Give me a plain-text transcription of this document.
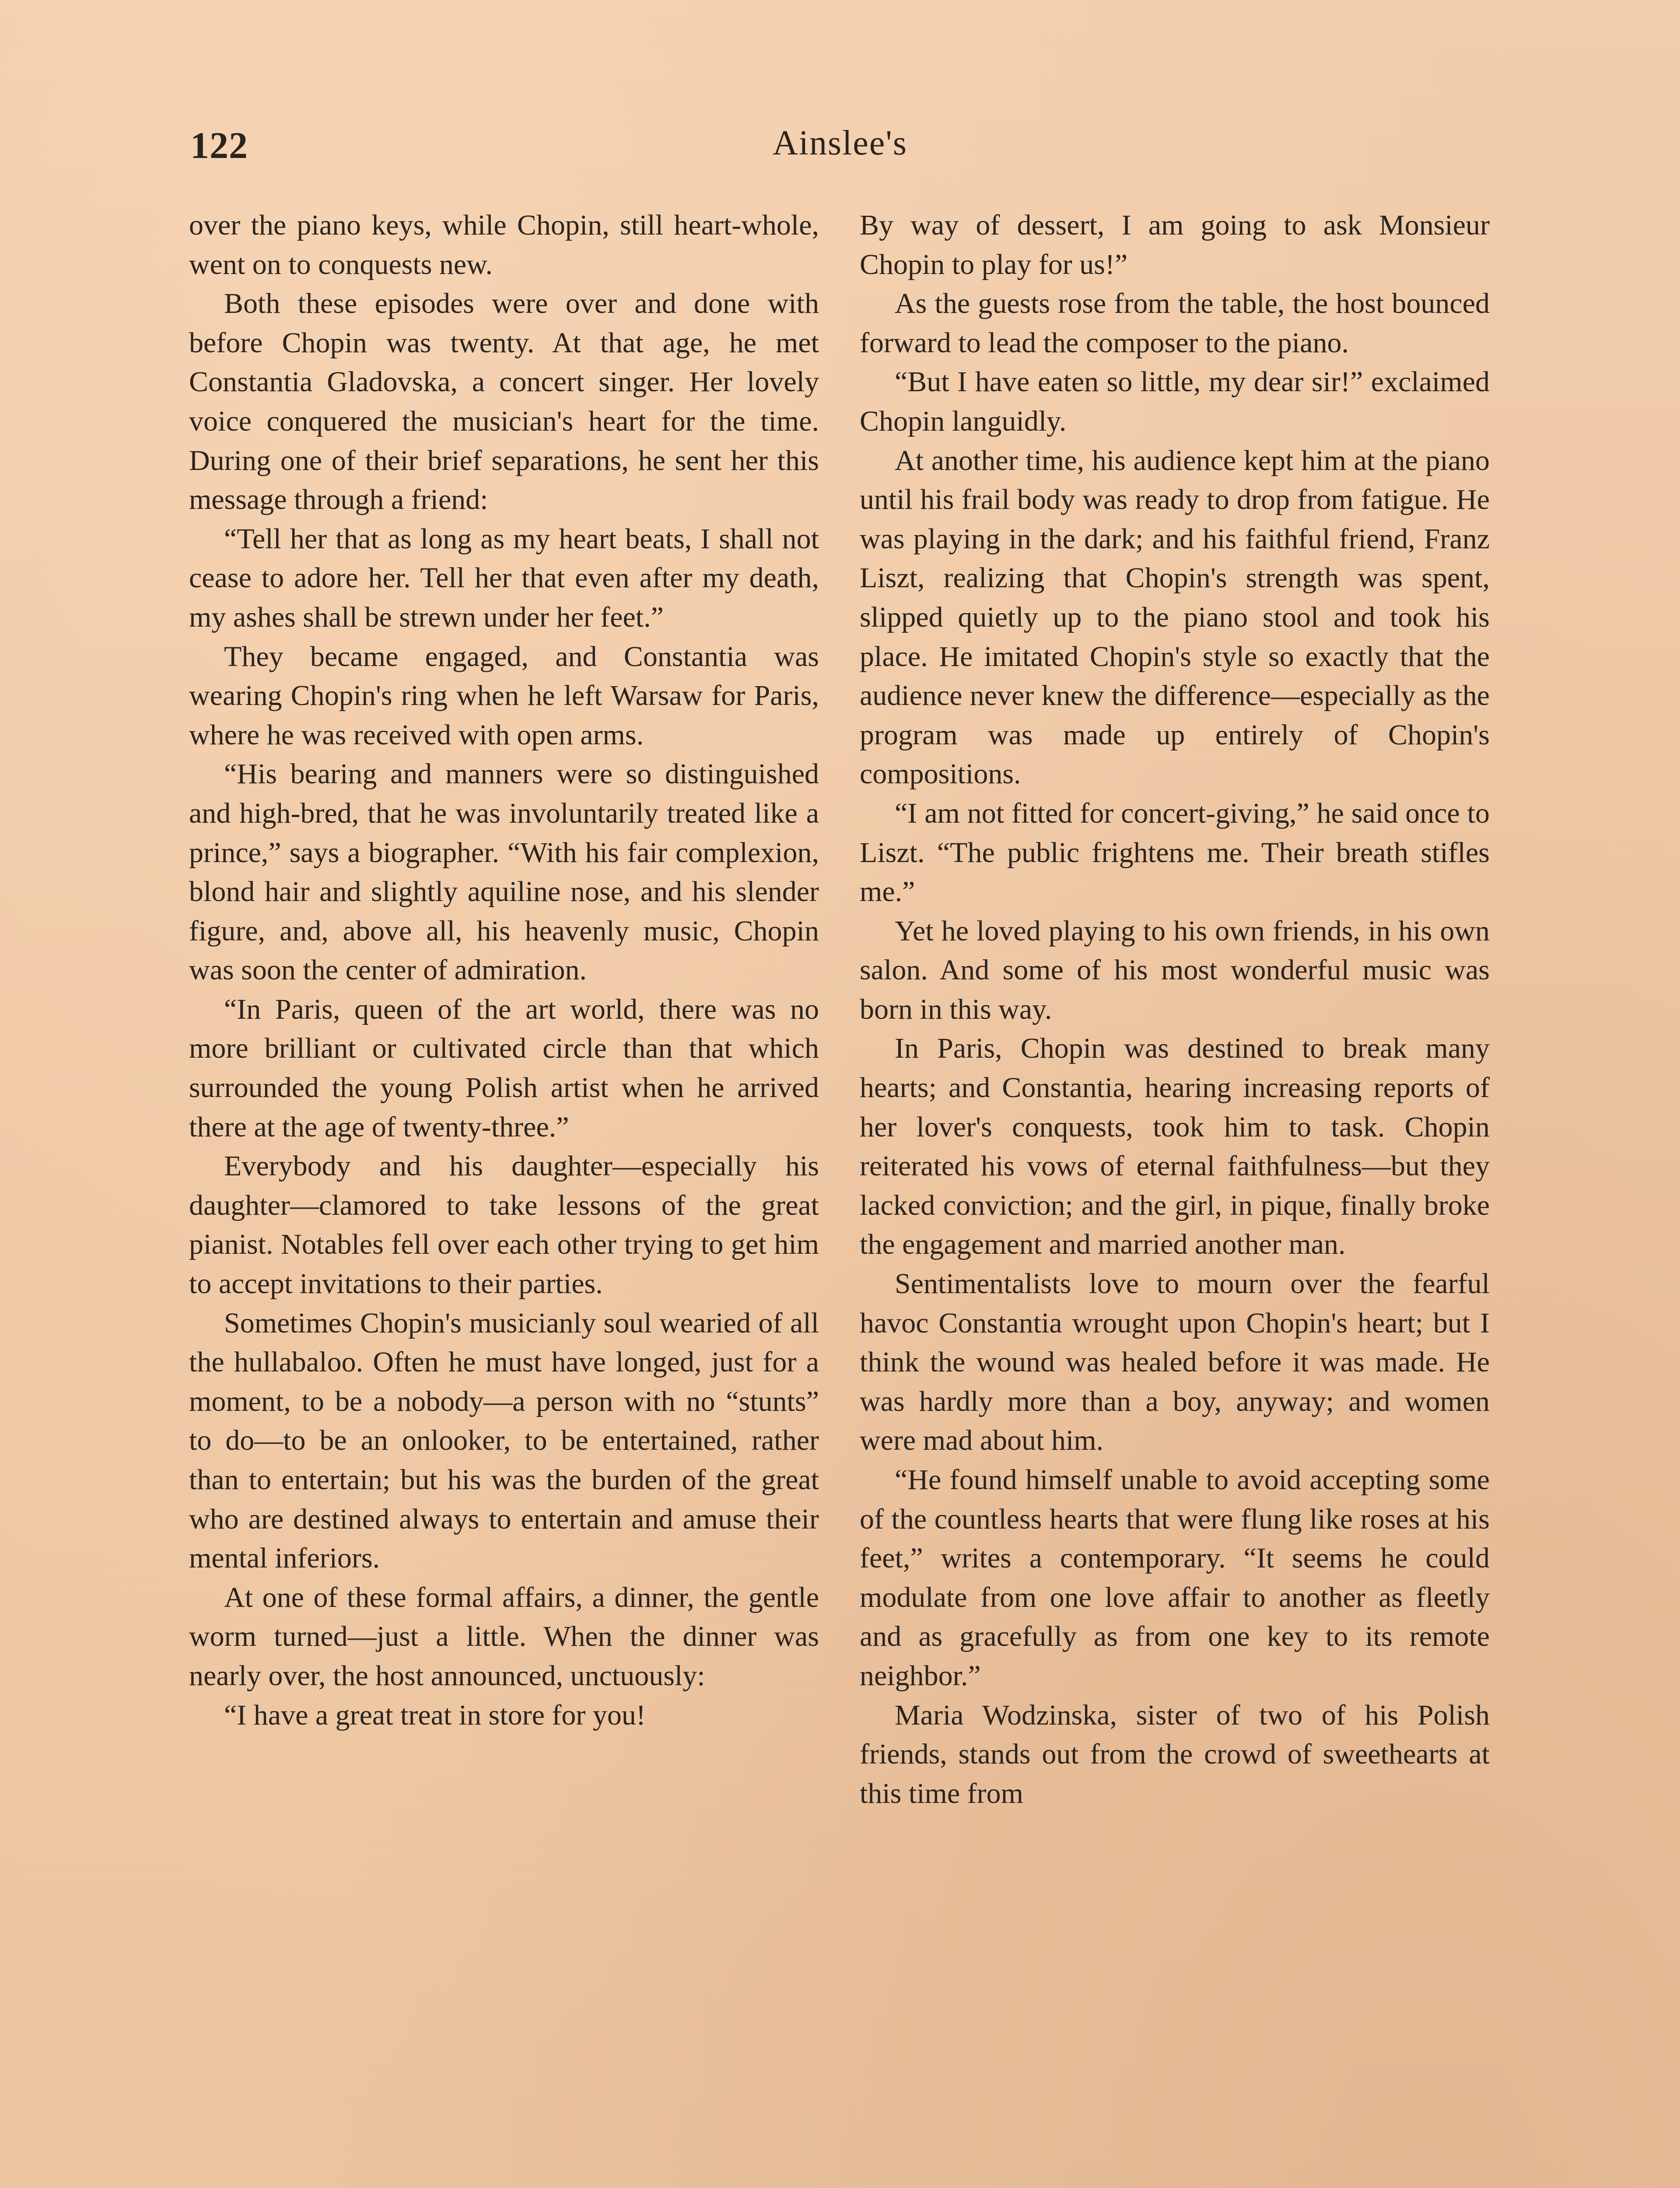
122	Ainslee's

over the piano keys, while Chopin, still heart-whole, went on to conquests new.

Both these episodes were over and done with before Chopin was twenty. At that age, he met Constantia Gladovska, a concert singer. Her lovely voice conquered the musician's heart for the time. During one of their brief separations, he sent her this message through a friend:

“Tell her that as long as my heart beats, I shall not cease to adore her. Tell her that even after my death, my ashes shall be strewn under her feet.”

They became engaged, and Constantia was wearing Chopin's ring when he left Warsaw for Paris, where he was received with open arms.

“His bearing and manners were so distinguished and high-bred, that he was involuntarily treated like a prince,” says a biographer. “With his fair complexion, blond hair and slightly aquiline nose, and his slender figure, and, above all, his heavenly music, Chopin was soon the center of admiration.

“In Paris, queen of the art world, there was no more brilliant or cultivated circle than that which surrounded the young Polish artist when he arrived there at the age of twenty-three.”

Everybody and his daughter—especially his daughter—clamored to take lessons of the great pianist. Notables fell over each other trying to get him to accept invitations to their parties.

Sometimes Chopin's musicianly soul wearied of all the hullabaloo. Often he must have longed, just for a moment, to be a nobody—a person with no “stunts” to do—to be an onlooker, to be entertained, rather than to entertain; but his was the burden of the great who are destined always to entertain and amuse their mental inferiors.

At one of these formal affairs, a dinner, the gentle worm turned—just a little. When the dinner was nearly over, the host announced, unctuously:

“I have a great treat in store for you!

By way of dessert, I am going to ask Monsieur Chopin to play for us!”

As the guests rose from the table, the host bounced forward to lead the composer to the piano.

“But I have eaten so little, my dear sir!” exclaimed Chopin languidly.

At another time, his audience kept him at the piano until his frail body was ready to drop from fatigue. He was playing in the dark; and his faithful friend, Franz Liszt, realizing that Chopin's strength was spent, slipped quietly up to the piano stool and took his place. He imitated Chopin's style so exactly that the audience never knew the difference—especially as the program was made up entirely of Chopin's compositions.

“I am not fitted for concert-giving,” he said once to Liszt. “The public frightens me. Their breath stifles me.”

Yet he loved playing to his own friends, in his own salon. And some of his most wonderful music was born in this way.

In Paris, Chopin was destined to break many hearts; and Constantia, hearing increasing reports of her lover's conquests, took him to task. Chopin reiterated his vows of eternal faithfulness—but they lacked conviction; and the girl, in pique, finally broke the engagement and married another man.

Sentimentalists love to mourn over the fearful havoc Constantia wrought upon Chopin's heart; but I think the wound was healed before it was made. He was hardly more than a boy, anyway; and women were mad about him.

“He found himself unable to avoid accepting some of the countless hearts that were flung like roses at his feet,” writes a contemporary. “It seems he could modulate from one love affair to another as fleetly and as gracefully as from one key to its remote neighbor.”

Maria Wodzinska, sister of two of his Polish friends, stands out from the crowd of sweethearts at this time from
